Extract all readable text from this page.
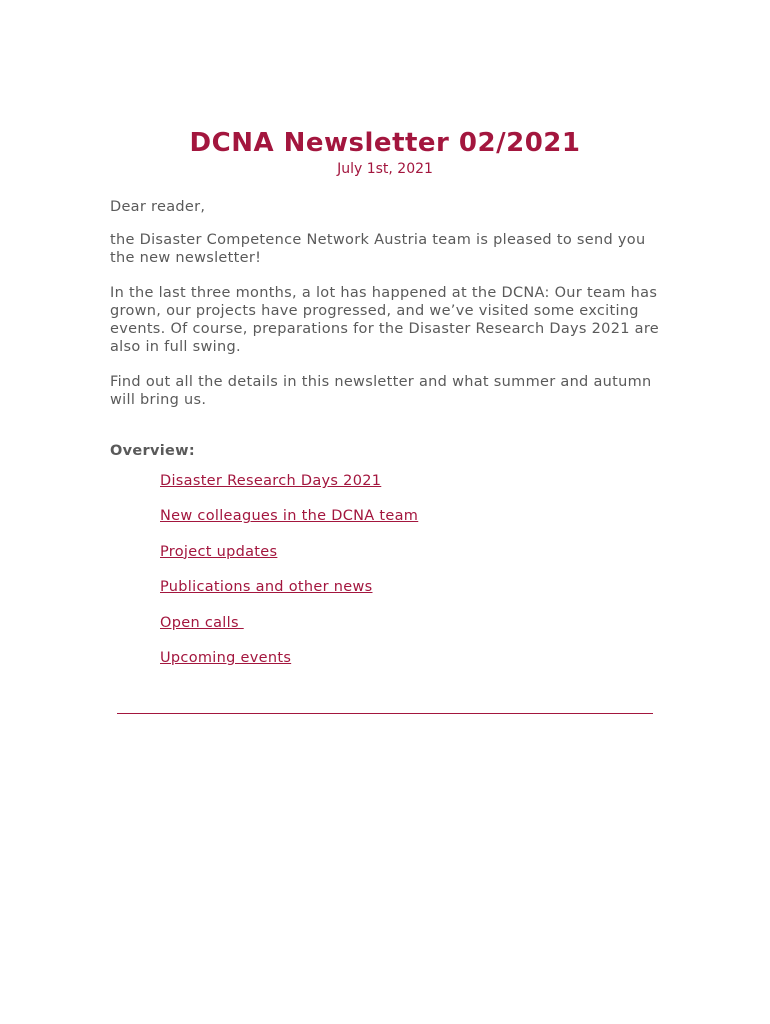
DCNA Newsletter 02/2021
July 1st, 2021

Dear reader,

the Disaster Competence Network Austria team is pleased to send you the new newsletter!

In the last three months, a lot has happened at the DCNA: Our team has grown, our projects have progressed, and we’ve visited some exciting events. Of course, preparations for the Disaster Research Days 2021 are also in full swing.

Find out all the details in this newsletter and what summer and autumn will bring us.

Overview:
Disaster Research Days 2021
New colleagues in the DCNA team
Project updates
Publications and other news
Open calls
Upcoming events
